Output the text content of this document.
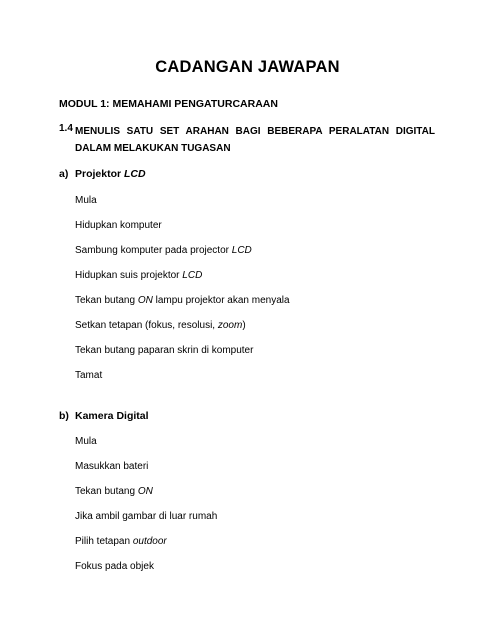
CADANGAN JAWAPAN
MODUL 1: MEMAHAMI PENGATURCARAAN
1.4 MENULIS SATU SET ARAHAN BAGI BEBERAPA PERALATAN DIGITAL DALAM MELAKUKAN TUGASAN
a) Projektor LCD
Mula
Hidupkan komputer
Sambung komputer pada projector LCD
Hidupkan suis projektor LCD
Tekan butang ON lampu projektor akan menyala
Setkan tetapan (fokus, resolusi, zoom)
Tekan butang paparan skrin di komputer
Tamat
b) Kamera Digital
Mula
Masukkan bateri
Tekan butang ON
Jika ambil gambar di luar rumah
Pilih tetapan outdoor
Fokus pada objek
